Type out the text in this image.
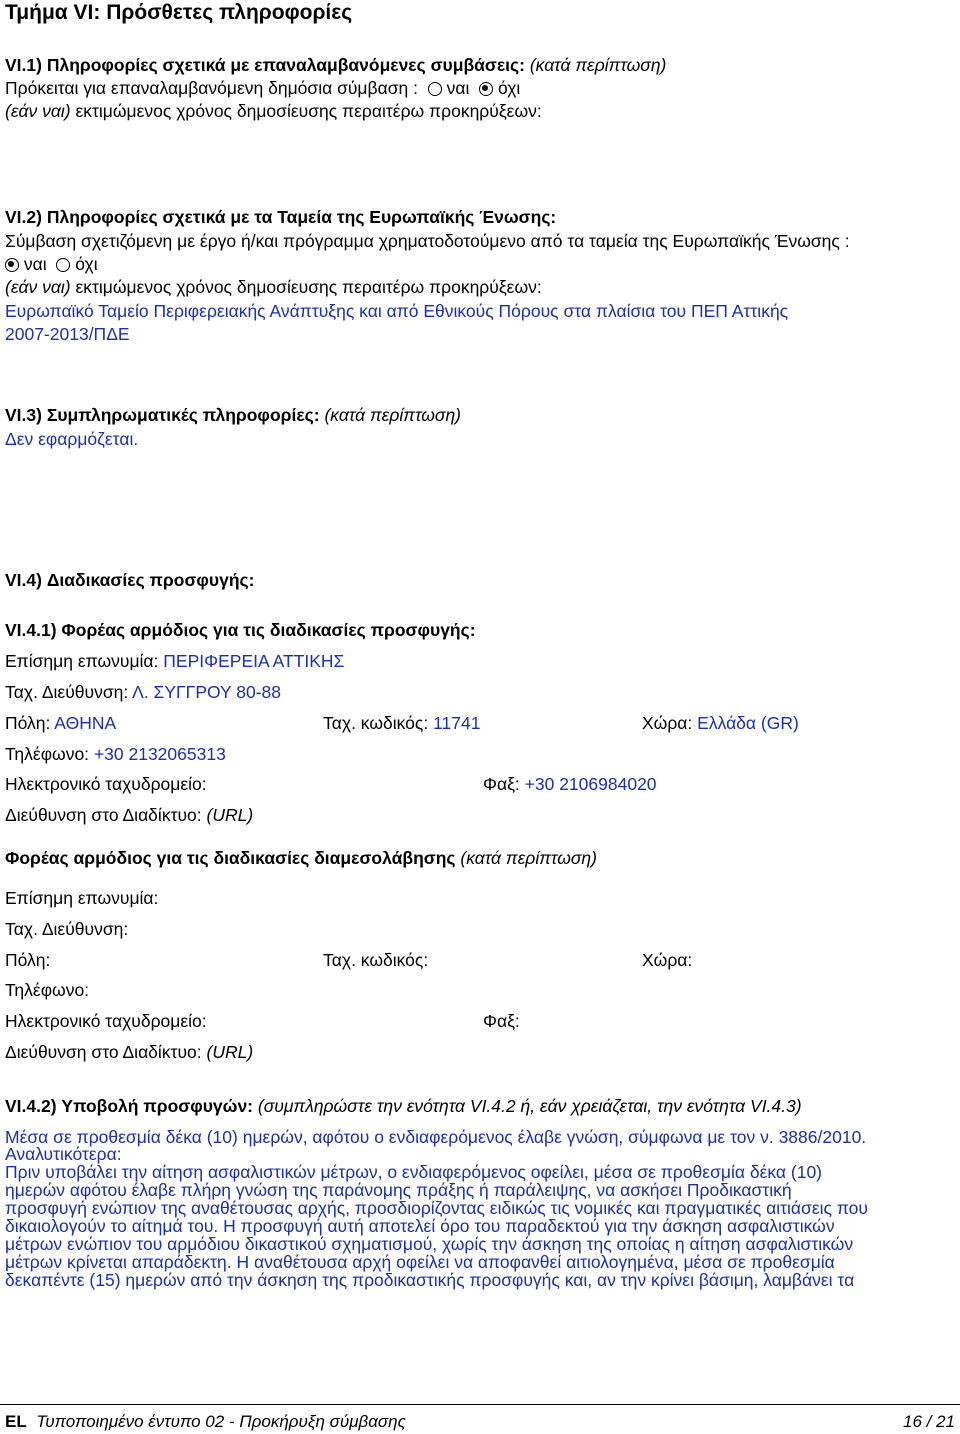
Τμήμα VI: Πρόσθετες πληροφορίες
VI.1) Πληροφορίες σχετικά με επαναλαμβανόμενες συμβάσεις: (κατά περίπτωση)
Πρόκειται για επαναλαμβανόμενη δημόσια σύμβαση : ναι όχι
(εάν ναι) εκτιμώμενος χρόνος δημοσίευσης περαιτέρω προκηρύξεων:
VI.2) Πληροφορίες σχετικά με τα Ταμεία της Ευρωπαϊκής Ένωσης:
Σύμβαση σχετιζόμενη με έργο ή/και πρόγραμμα χρηματοδοτούμενο από τα ταμεία της Ευρωπαϊκής Ένωσης :
ναι όχι
(εάν ναι) εκτιμώμενος χρόνος δημοσίευσης περαιτέρω προκηρύξεων:
Ευρωπαϊκό Ταμείο Περιφερειακής Ανάπτυξης και από Εθνικούς Πόρους στα πλαίσια του ΠΕΠ Αττικής
2007-2013/ΠΔΕ
VI.3) Συμπληρωματικές πληροφορίες: (κατά περίπτωση)
Δεν εφαρμόζεται.
VI.4) Διαδικασίες προσφυγής:
VI.4.1) Φορέας αρμόδιος για τις διαδικασίες προσφυγής:
Επίσημη επωνυμία: ΠΕΡΙΦΕΡΕΙΑ ΑΤΤΙΚΗΣ
Ταχ. Διεύθυνση: Λ. ΣΥΓΓΡΟΥ 80-88
Πόλη: ΑΘΗΝΑ	Ταχ. κωδικός: 11741	Χώρα: Ελλάδα (GR)
Τηλέφωνο: +30 2132065313
Ηλεκτρονικό ταχυδρομείο:	Φαξ: +30 2106984020
Διεύθυνση στο Διαδίκτυο: (URL)
Φορέας αρμόδιος για τις διαδικασίες διαμεσολάβησης (κατά περίπτωση)
Επίσημη επωνυμία:
Ταχ. Διεύθυνση:
Πόλη:	Ταχ. κωδικός:	Χώρα:
Τηλέφωνο:
Ηλεκτρονικό ταχυδρομείο:	Φαξ:
Διεύθυνση στο Διαδίκτυο: (URL)
VI.4.2) Υποβολή προσφυγών: (συμπληρώστε την ενότητα VI.4.2 ή, εάν χρειάζεται, την ενότητα VI.4.3)
Μέσα σε προθεσμία δέκα (10) ημερών, αφότου ο ενδιαφερόμενος έλαβε γνώση, σύμφωνα με τον ν. 3886/2010.
Αναλυτικότερα:
Πριν υποβάλει την αίτηση ασφαλιστικών μέτρων, ο ενδιαφερόμενος οφείλει, μέσα σε προθεσμία δέκα (10)
ημερών αφότου έλαβε πλήρη γνώση της παράνομης πράξης ή παράλειψης, να ασκήσει Προδικαστική
προσφυγή ενώπιον της αναθέτουσας αρχής, προσδιορίζοντας ειδικώς τις νομικές και πραγματικές αιτιάσεις που
δικαιολογούν το αίτημά του. Η προσφυγή αυτή αποτελεί όρο του παραδεκτού για την άσκηση ασφαλιστικών
μέτρων ενώπιον του αρμόδιου δικαστικού σχηματισμού, χωρίς την άσκηση της οποίας η αίτηση ασφαλιστικών
μέτρων κρίνεται απαράδεκτη. Η αναθέτουσα αρχή οφείλει να αποφανθεί αιτιολογημένα, μέσα σε προθεσμία
δεκαπέντε (15) ημερών από την άσκηση της προδικαστικής προσφυγής και, αν την κρίνει βάσιμη, λαμβάνει τα
EL Τυποποιημένο έντυπο 02 - Προκήρυξη σύμβασης	16 / 21
